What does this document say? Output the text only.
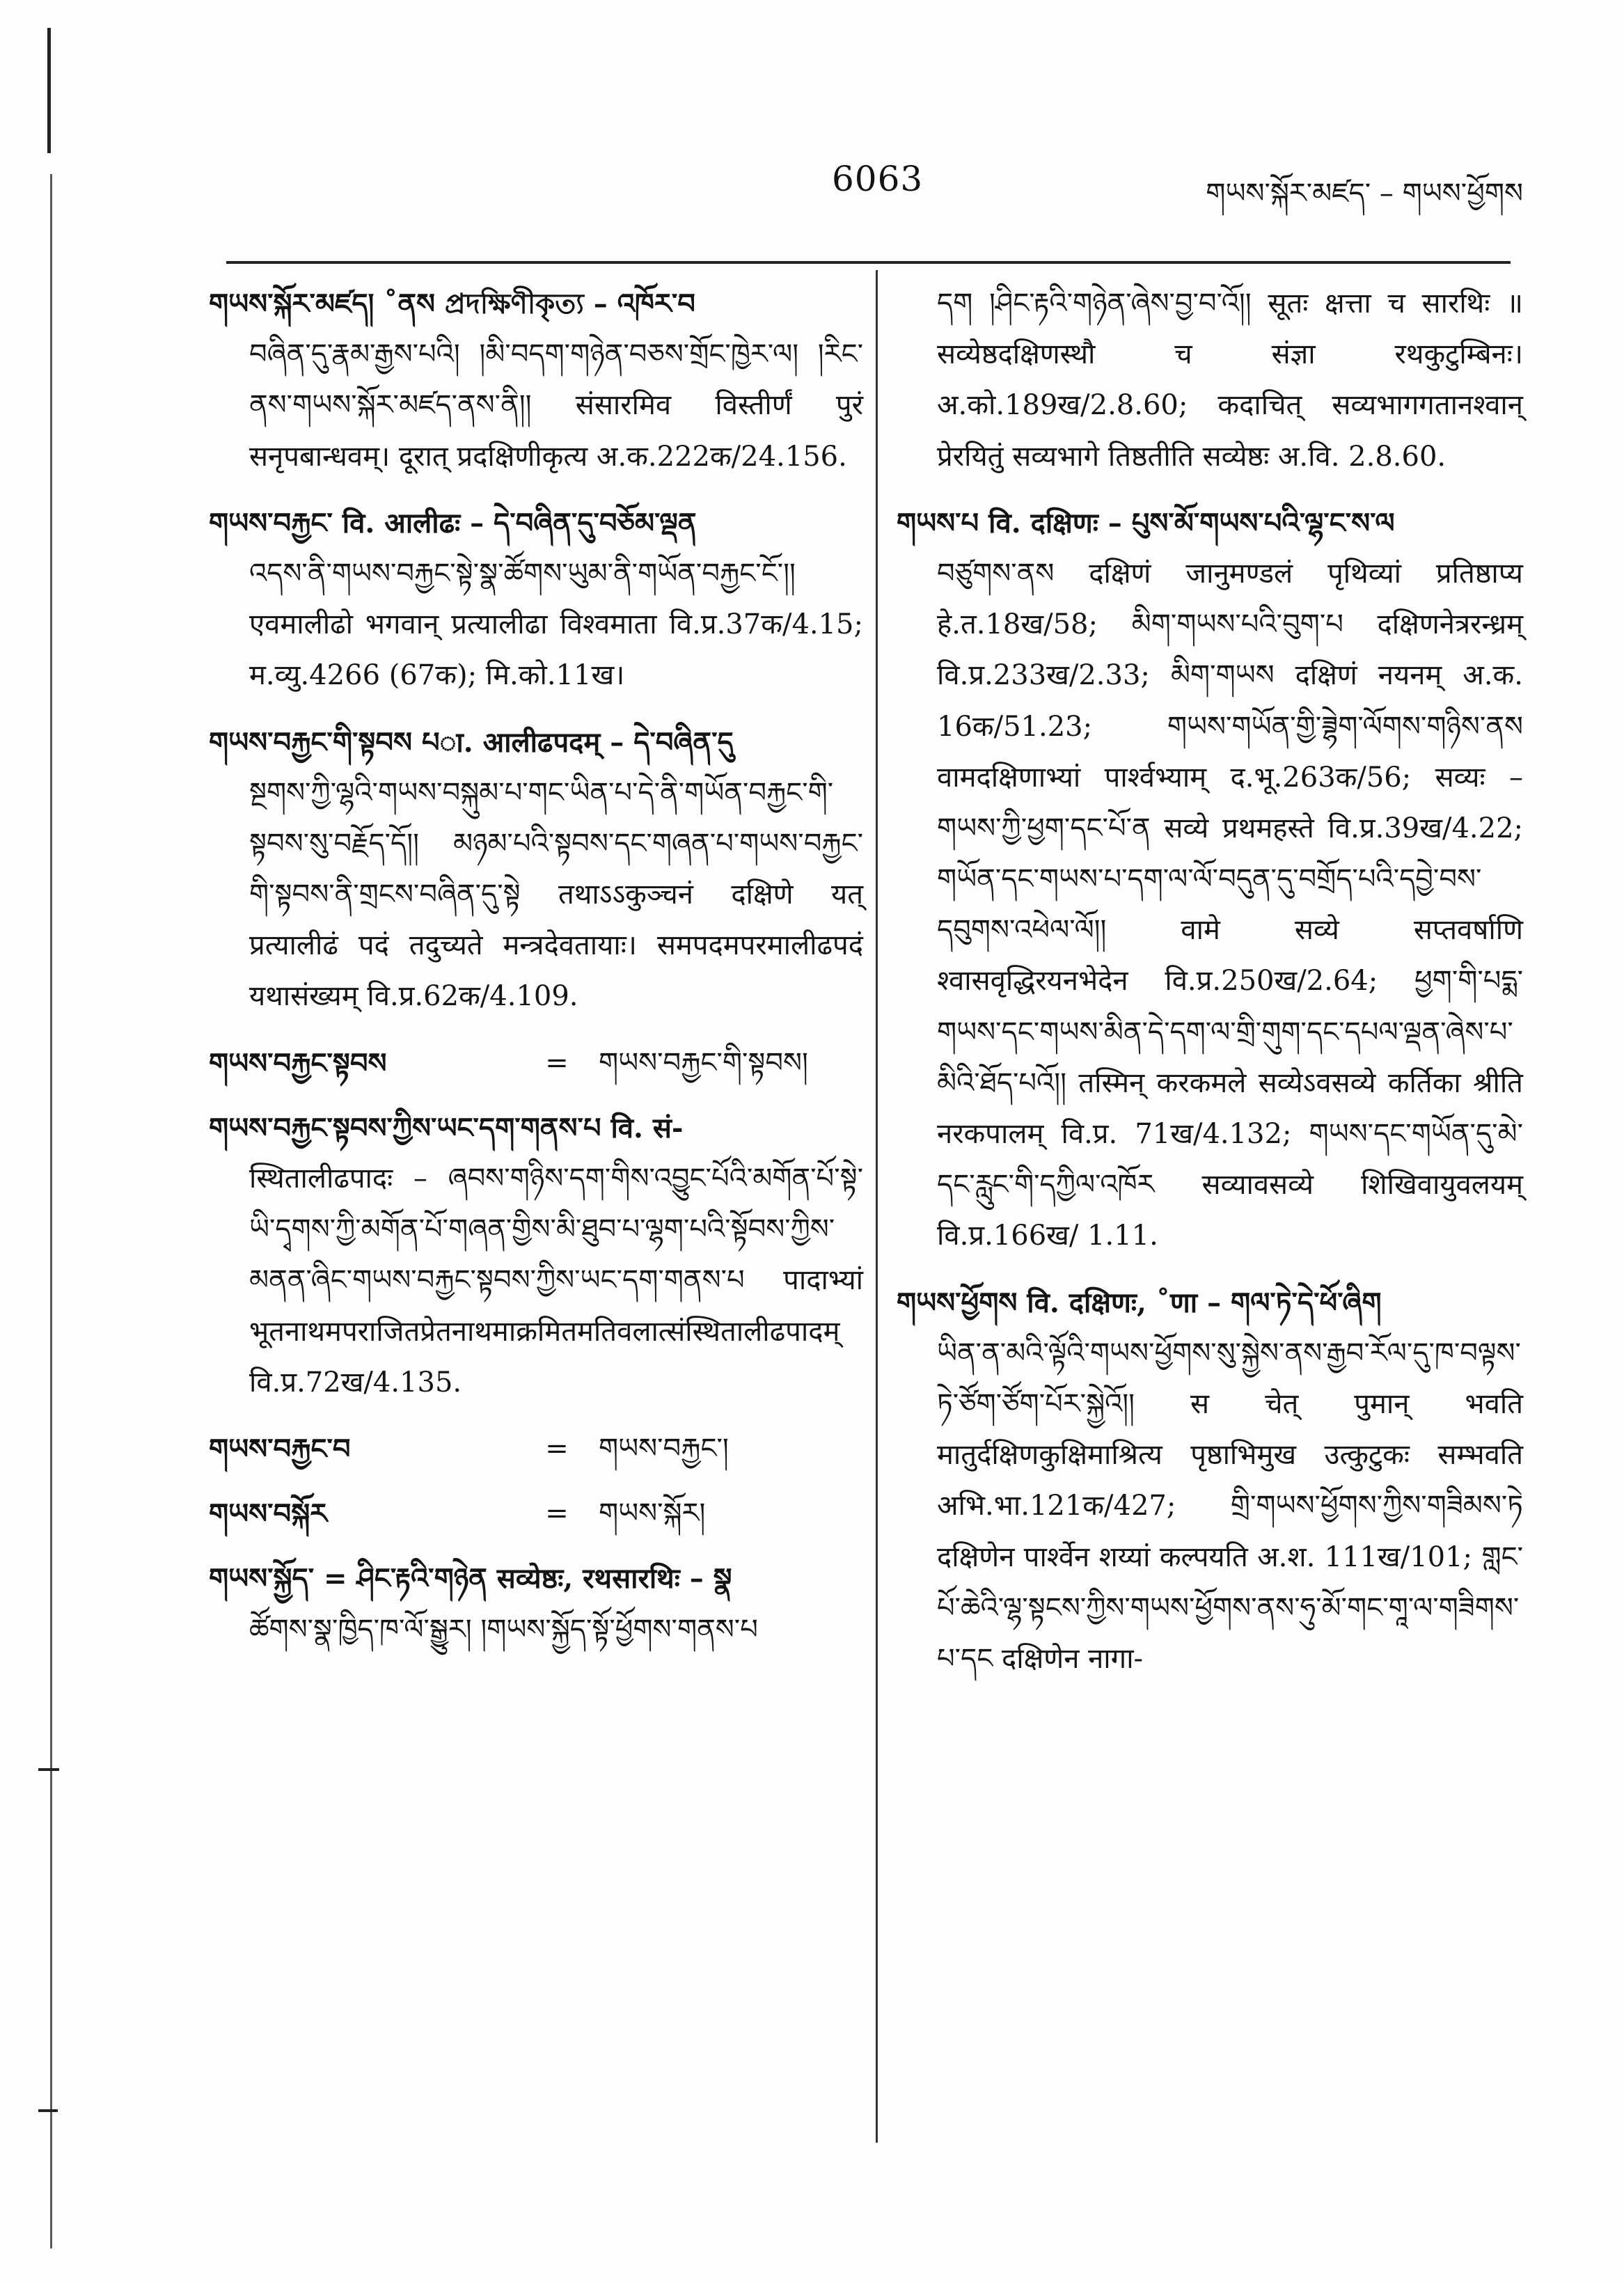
6063	གཡས་སྐོར་མཛད་ – གཡས་ཕྱོགས
གཡས་སྐོར་མཛད། ˚ནས প্রদক্ষিণীকৃত্য – འཁོར་བ
བཞིན་དུ་རྣམ་རྒྱས་པའི། །མི་བདག་གཉེན་བཅས་གྲོང་ཁྱེར་ལ། །རིང་ནས་གཡས་སྐོར་མཛད་ནས་ནི།། संसारमिव विस्तीर्णं पुरं सनृपबान्धवम्। दूरात् प्रदक्षिणीकृत्य अ.क.222क/24.156.
གཡས་བརྐྱང་ वि. आलीढः – དེ་བཞིན་དུ་བཅོམ་ལྡན
འདས་ནི་གཡས་བརྐྱང་སྟེ་སྣ་ཚོགས་ཡུམ་ནི་གཡོན་བརྐྱང་ངོ༌།། एवमालीढो भगवान् प्रत्यालीढा विश्वमाता वि.प्र.37क/4.15; म.व्यु.4266 (67क); मि.को.11ख।
གཡས་བརྐྱང་གི་སྟབས པा. आलीढपदम् – དེ་བཞིན་དུ
སྔགས་ཀྱི་ལྷའི་གཡས་བསྐུམ་པ་གང་ཡིན་པ་དེ་ནི་གཡོན་བརྐྱང་གི་སྟབས་སུ་བརྗོད་དོ།། མཉམ་པའི་སྟབས་དང་གཞན་པ་གཡས་བརྐྱང་གི་སྟབས་ནི་གྲངས་བཞིན་དུ་སྟེ तथाऽऽकुञ्चनं दक्षिणे यत् प्रत्यालीढं पदं तदुच्यते मन्त्रदेवतायाः। समपदमपरमालीढपदं यथासंख्यम् वि.प्र.62क/4.109.
གཡས་བརྐྱང་སྟབས	=	གཡས་བརྐྱང་གི་སྟབས།
གཡས་བརྐྱང་སྟབས་ཀྱིས་ཡང་དག་གནས་པ वि. सं-
स्थितालीढपादः – ཞབས་གཉིས་དག་གིས་འབྱུང་པོའི་མགོན་པོ་སྟེ་ཡི་དྭགས་ཀྱི་མགོན་པོ་གཞན་གྱིས་མི་ཐུབ་པ་ལྷག་པའི་སྟོབས་ཀྱིས་མནན་ཞིང་གཡས་བརྐྱང་སྟབས་ཀྱིས་ཡང་དག་གནས་པ पादाभ्यां भूतनाथमपराजितप्रेतनाथमाक्रमितमतिवलात्संस्थितालीढपादम् वि.प्र.72ख/4.135.
གཡས་བརྐྱང་བ	=	གཡས་བརྐྱང་།
གཡས་བསྐོར	=	གཡས་སྐོར།
གཡས་སྐྱོད་ = ཤིང་རྟའི་གཉེན सव्येष्ठः, रथसारथिः – སྣ
ཚོགས་སྣ་ཁྱིད་ཁ་ལོ་སྒྱུར། །གཡས་སྐྱོད་སྟོ་ཕྱོགས་གནས་པ
དག །ཤིང་རྟའི་གཉེན་ཞེས་བྱ་བ་འོ།། सूतः क्षत्ता च सारथिः ॥ सव्येष्ठदक्षिणस्थौ च संज्ञा रथकुटुम्बिनः। अ.को.189ख/2.8.60; कदाचित् सव्यभागगतानश्वान् प्रेरयितुं सव्यभागे तिष्ठतीति सव्येष्ठः अ.वि. 2.8.60.
གཡས་པ वि. दक्षिणः – པུས་མོ་གཡས་པའི་ལྷ་ང་ས་ལ
བཙུགས་ནས दक्षिणं जानुमण्डलं पृथिव्यां प्रतिष्ठाप्य हे.त.18ख/58; མིག་གཡས་པའི་བུག་པ दक्षिणनेत्ररन्ध्रम् वि.प्र.233ख/2.33; མིག་གཡས दक्षिणं नयनम् अ.क. 16क/51.23; གཡས་གཡོན་གྱི་ཟྷེག་ལོགས་གཉིས་ནས वामदक्षिणाभ्यां पार्श्वभ्याम् द.भू.263क/56; सव्यः – གཡས་ཀྱི་ཕྱག་དང་པོ་ན सव्ये प्रथमहस्ते वि.प्र.39ख/4.22; གཡོན་དང་གཡས་པ་དག་ལ་ལོ་བདུན་དུ་བགྲོད་པའི་དབྱེ་བས་དབུགས་འཕེལ་ལོ།། वामे सव्ये सप्तवर्षाणि श्वासवृद्धिरयनभेदेन वि.प्र.250ख/2.64; ཕྱག་གི་པདྨ་གཡས་དང་གཡས་མིན་དེ་དག་ལ་གྲི་གུག་དང་དཔལ་ལྡན་ཞེས་པ་མིའི་ཐོད་པའོ།། तस्मिन् करकमले सव्येऽवसव्ये कर्तिका श्रीति नरकपालम् वि.प्र. 71ख/4.132; གཡས་དང་གཡོན་དུ་མེ་དང་རླུང་གི་དཀྱིལ་འཁོར सव्यावसव्ये शिखिवायुवलयम् वि.प्र.166ख/ 1.11.
གཡས་ཕྱོགས वि. दक्षिणः, ˚णा – གལ་ཏེ་དེ་ཕོ་ཞིག
ཡིན་ན་མའི་ལྟོའི་གཡས་ཕྱོགས་སུ་སྐྱེས་ནས་རྒྱབ་རོལ་དུ་ཁ་བལྟས་ཏེ་ཙོག་ཙོག་པོར་སྐྱེའོ།། स चेत् पुमान् भवति मातुर्दक्षिणकुक्षिमाश्रित्य पृष्ठाभिमुख उत्कुटुकः सम्भवति अभि.भा.121क/427; གྲི་གཡས་ཕྱོགས་ཀྱིས་གཟིམས་ཏེ दक्षिणेन पार्श्वेन शय्यां कल्पयति अ.श. 111ख/101; གླང་པོ་ཆེའི་ལྷ་སྟངས་ཀྱིས་གཡས་ཕྱོགས་ནས་ཧུ་མོ་གང་གཱ་ལ་གཟིགས་པ་དང दक्षिणेन नागा-
